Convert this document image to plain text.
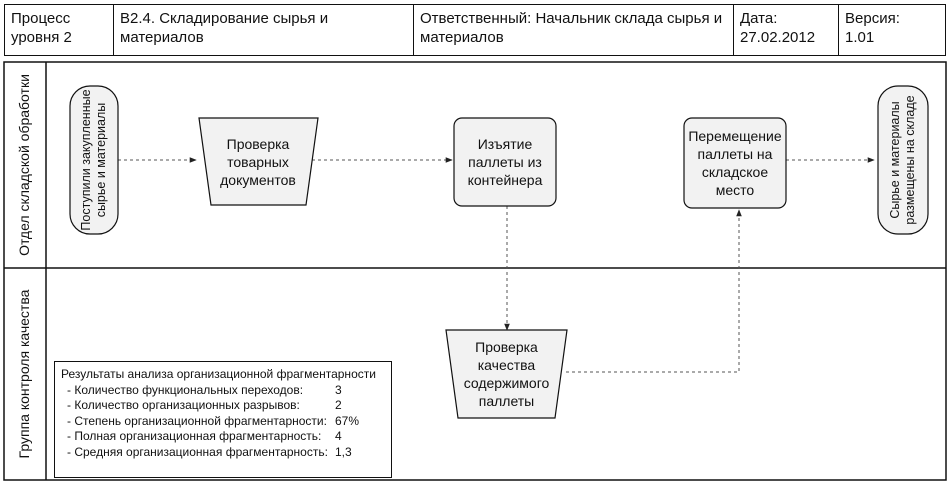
Процесс
уровня 2
В2.4. Складирование сырья и
материалов
Ответственный: Начальник склада сырья и
материалов
Дата:
27.02.2012
Версия:
1.01
Отдел складской обработки
Группа контроля качества
Поступили закупленные
сырье и материалы	Проверка
товарных
документов
Изъятие
паллеты из
контейнера
Перемещение
паллеты на
складское
место	Сырье и материалы
размещены на складе
Проверка
качества
содержимого
паллеты
Результаты анализа организационной фрагментарности
- Количество функциональных переходов:	3
- Количество организационных разрывов:	2
- Степень организационной фрагментарности: 67%
- Полная организационная фрагментарность:	4
- Средняя организационная фрагментарность: 1,3
